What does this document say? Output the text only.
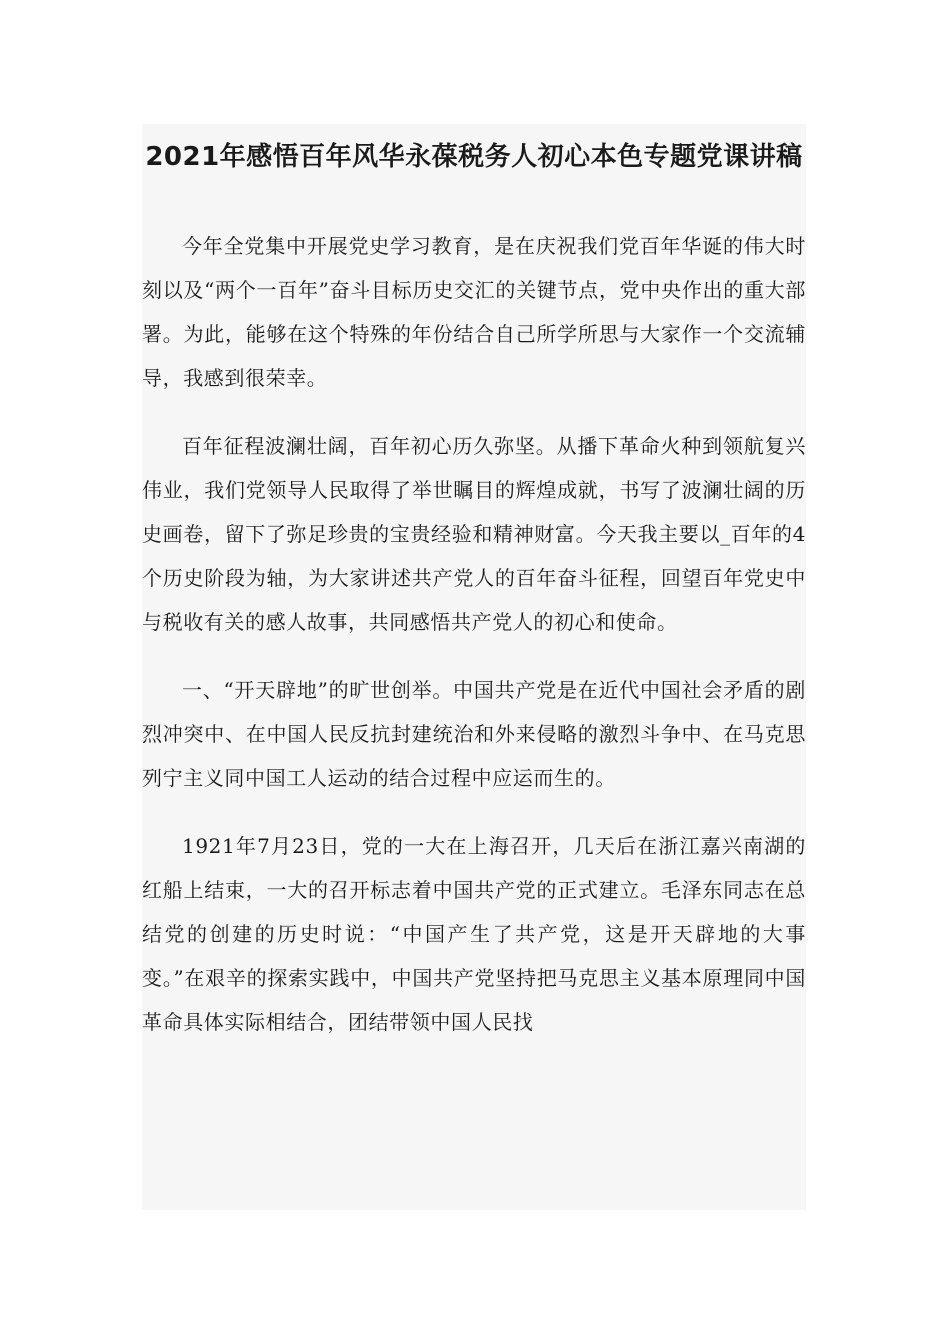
2021年感悟百年风华永葆税务人初心本色专题党课讲稿

今年全党集中开展党史学习教育，是在庆祝我们党百年华诞的伟大时刻以及“两个一百年”奋斗目标历史交汇的关键节点，党中央作出的重大部署。为此，能够在这个特殊的年份结合自己所学所思与大家作一个交流辅导，我感到很荣幸。

百年征程波澜壮阔，百年初心历久弥坚。从播下革命火种到领航复兴伟业，我们党领导人民取得了举世瞩目的辉煌成就，书写了波澜壮阔的历史画卷，留下了弥足珍贵的宝贵经验和精神财富。今天我主要以_百年的4个历史阶段为轴，为大家讲述共产党人的百年奋斗征程，回望百年党史中与税收有关的感人故事，共同感悟共产党人的初心和使命。

一、“开天辟地”的旷世创举。中国共产党是在近代中国社会矛盾的剧烈冲突中、在中国人民反抗封建统治和外来侵略的激烈斗争中、在马克思列宁主义同中国工人运动的结合过程中应运而生的。

1921年7月23日，党的一大在上海召开，几天后在浙江嘉兴南湖的红船上结束，一大的召开标志着中国共产党的正式建立。毛泽东同志在总结党的创建的历史时说：“中国产生了共产党，这是开天辟地的大事变。”在艰辛的探索实践中，中国共产党坚持把马克思主义基本原理同中国革命具体实际相结合，团结带领中国人民找
